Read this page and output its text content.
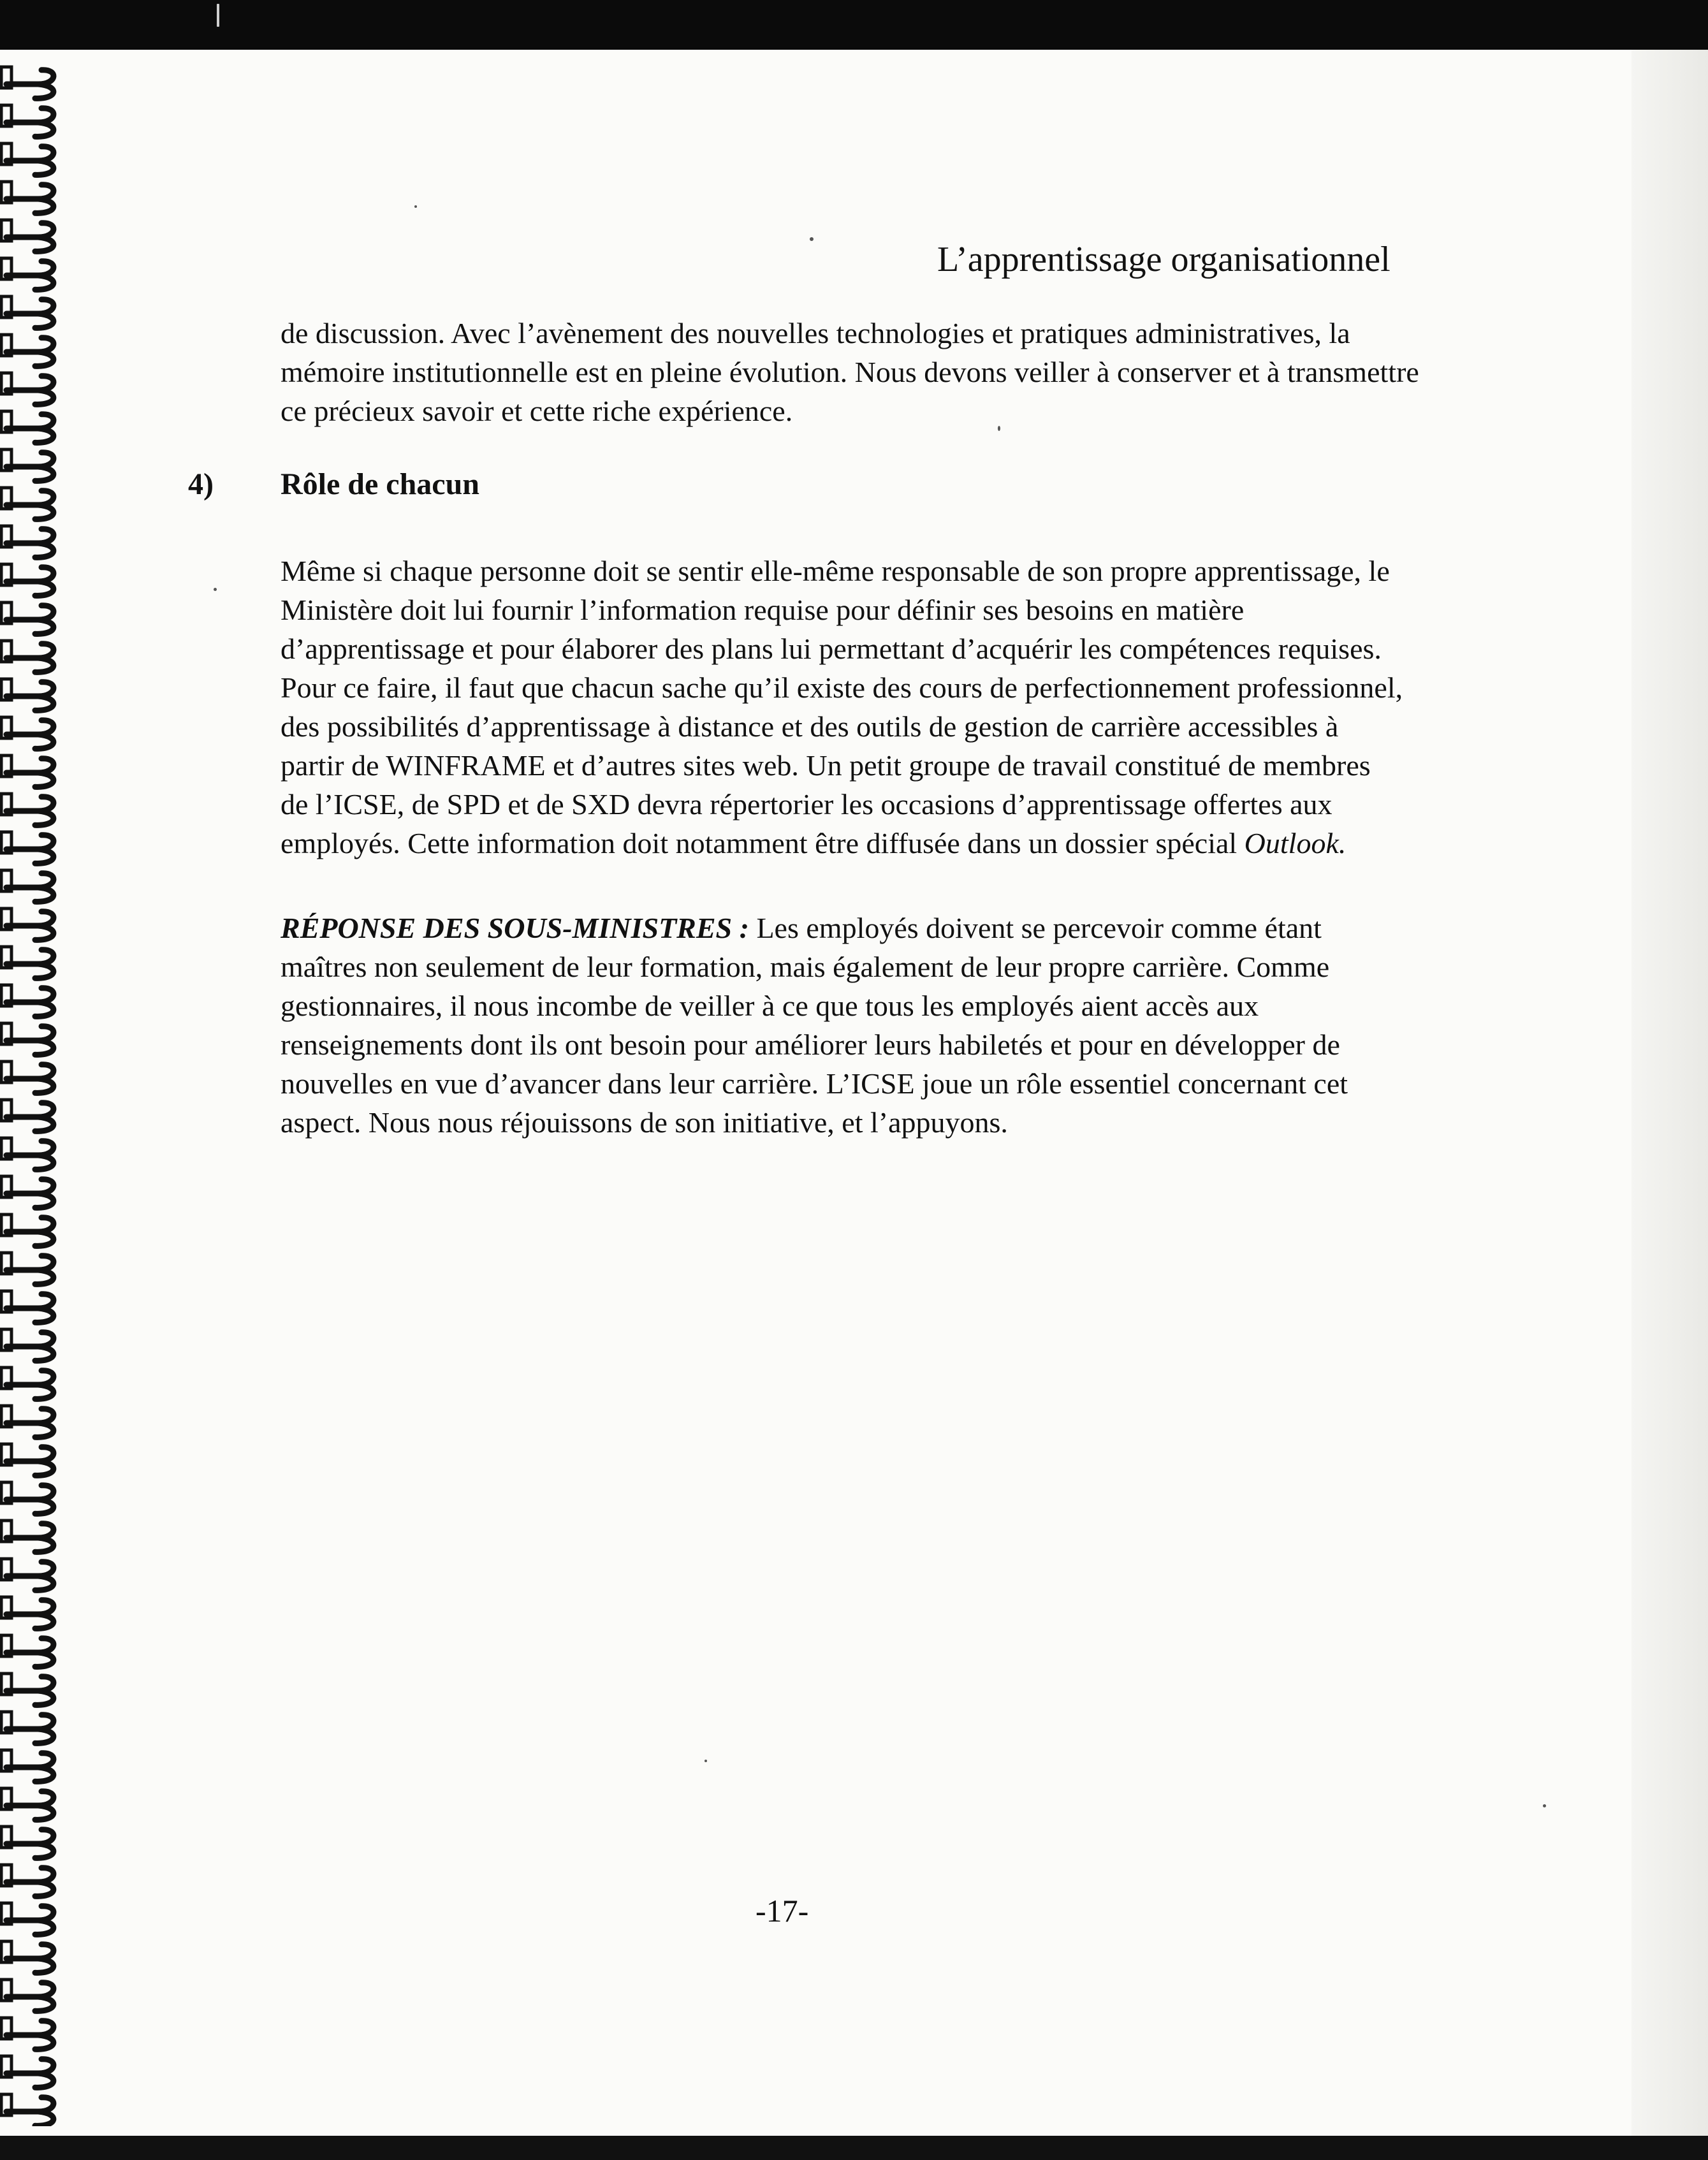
L’apprentissage organisationnel
de discussion. Avec l’avènement des nouvelles technologies et pratiques administratives, la
mémoire institutionnelle est en pleine évolution. Nous devons veiller à conserver et à transmettre
ce précieux savoir et cette riche expérience.
4) Rôle de chacun
Même si chaque personne doit se sentir elle-même responsable de son propre apprentissage, le
Ministère doit lui fournir l’information requise pour définir ses besoins en matière
d’apprentissage et pour élaborer des plans lui permettant d’acquérir les compétences requises.
Pour ce faire, il faut que chacun sache qu’il existe des cours de perfectionnement professionnel,
des possibilités d’apprentissage à distance et des outils de gestion de carrière accessibles à
partir de WINFRAME et d’autres sites web. Un petit groupe de travail constitué de membres
de l’ICSE, de SPD et de SXD devra répertorier les occasions d’apprentissage offertes aux
employés. Cette information doit notamment être diffusée dans un dossier spécial Outlook.
RÉPONSE DES SOUS-MINISTRES : Les employés doivent se percevoir comme étant
maîtres non seulement de leur formation, mais également de leur propre carrière. Comme
gestionnaires, il nous incombe de veiller à ce que tous les employés aient accès aux
renseignements dont ils ont besoin pour améliorer leurs habiletés et pour en développer de
nouvelles en vue d’avancer dans leur carrière. L’ICSE joue un rôle essentiel concernant cet
aspect. Nous nous réjouissons de son initiative, et l’appuyons.
-17-
